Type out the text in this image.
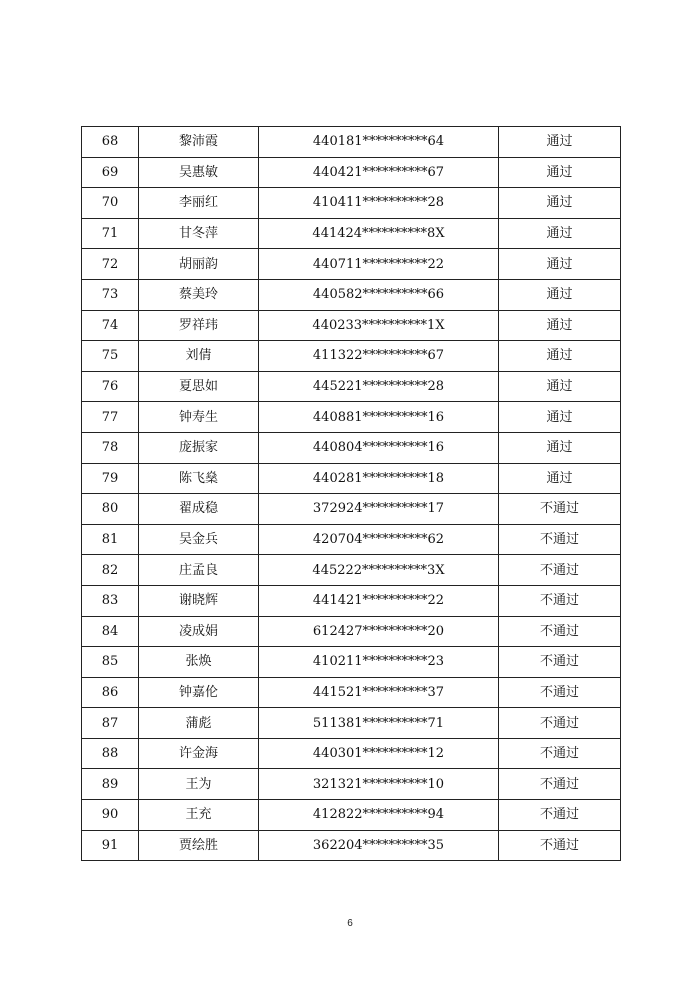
68	黎沛霞	440181**********64	通过
69	吴惠敏	440421**********67	通过
70	李丽红	410411**********28	通过
71	甘冬萍	441424**********8X	通过
72	胡丽韵	440711**********22	通过
73	蔡美玲	440582**********66	通过
74	罗祥玮	440233**********1X	通过
75	刘倩	411322**********67	通过
76	夏思如	445221**********28	通过
77	钟寿生	440881**********16	通过
78	庞振家	440804**********16	通过
79	陈飞燊	440281**********18	通过
80	翟成稳	372924**********17	不通过
81	吴金兵	420704**********62	不通过
82	庄孟良	445222**********3X	不通过
83	谢晓辉	441421**********22	不通过
84	凌成娟	612427**********20	不通过
85	张焕	410211**********23	不通过
86	钟嘉伦	441521**********37	不通过
87	蒲彪	511381**********71	不通过
88	许金海	440301**********12	不通过
89	王为	321321**********10	不通过
90	王充	412822**********94	不通过
91	贾绘胜	362204**********35	不通过
6
